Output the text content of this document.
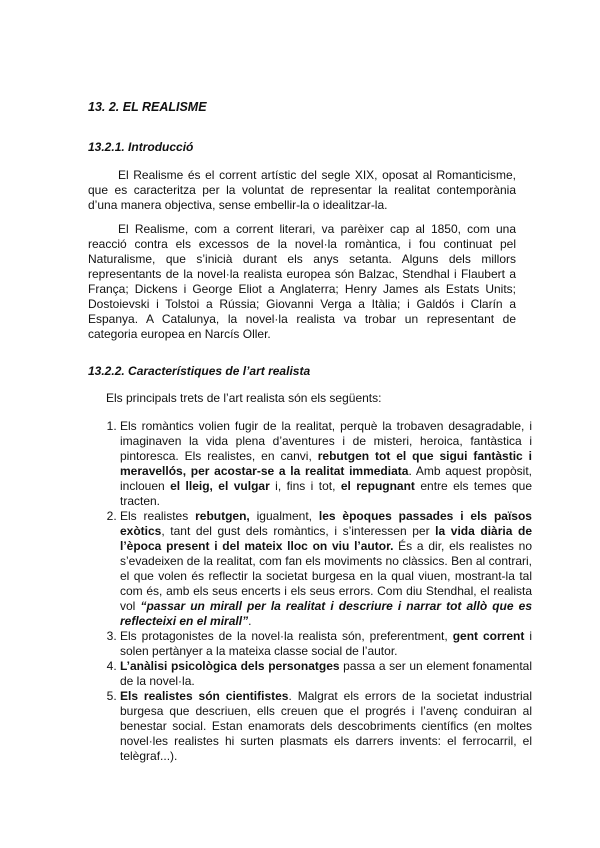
13. 2. EL REALISME
13.2.1. Introducció

El Realisme és el corrent artístic del segle XIX, oposat al Romanticisme, que es caracteritza per la voluntat de representar la realitat contemporània d’una manera objectiva, sense embellir-la o idealitzar-la.

El Realisme, com a corrent literari, va parèixer cap al 1850, com una reacció contra els excessos de la novel·la romàntica, i fou continuat pel Naturalisme, que s’inicià durant els anys setanta. Alguns dels millors representants de la novel·la realista europea són Balzac, Stendhal i Flaubert a França; Dickens i George Eliot a Anglaterra; Henry James als Estats Units; Dostoievski i Tolstoi a Rússia; Giovanni Verga a Itàlia; i Galdós i Clarín a Espanya. A Catalunya, la novel·la realista va trobar un representant de categoria europea en Narcís Oller.

13.2.2. Característiques de l’art realista

Els principals trets de l’art realista són els següents:

1. Els romàntics volien fugir de la realitat, perquè la trobaven desagradable, i imaginaven la vida plena d’aventures i de misteri, heroica, fantàstica i pintoresca. Els realistes, en canvi, rebutgen tot el que sigui fantàstic i meravellós, per acostar-se a la realitat immediata. Amb aquest propòsit, inclouen el lleig, el vulgar i, fins i tot, el repugnant entre els temes que tracten.
2. Els realistes rebutgen, igualment, les èpoques passades i els països exòtics, tant del gust dels romàntics, i s’interessen per la vida diària de l’època present i del mateix lloc on viu l’autor. És a dir, els realistes no s’evadeixen de la realitat, com fan els moviments no clàssics. Ben al contrari, el que volen és reflectir la societat burgesa en la qual viuen, mostrant-la tal com és, amb els seus encerts i els seus errors. Com diu Stendhal, el realista vol “passar un mirall per la realitat i descriure i narrar tot allò que es reflecteixi en el mirall”.
3. Els protagonistes de la novel·la realista són, preferentment, gent corrent i solen pertànyer a la mateixa classe social de l’autor.
4. L’anàlisi psicològica dels personatges passa a ser un element fonamental de la novel·la.
5. Els realistes són cientifistes. Malgrat els errors de la societat industrial burgesa que descriuen, ells creuen que el progrés i l’avenç conduiran al benestar social. Estan enamorats dels descobriments científics (en moltes novel·les realistes hi surten plasmats els darrers invents: el ferrocarril, el telègraf...).
